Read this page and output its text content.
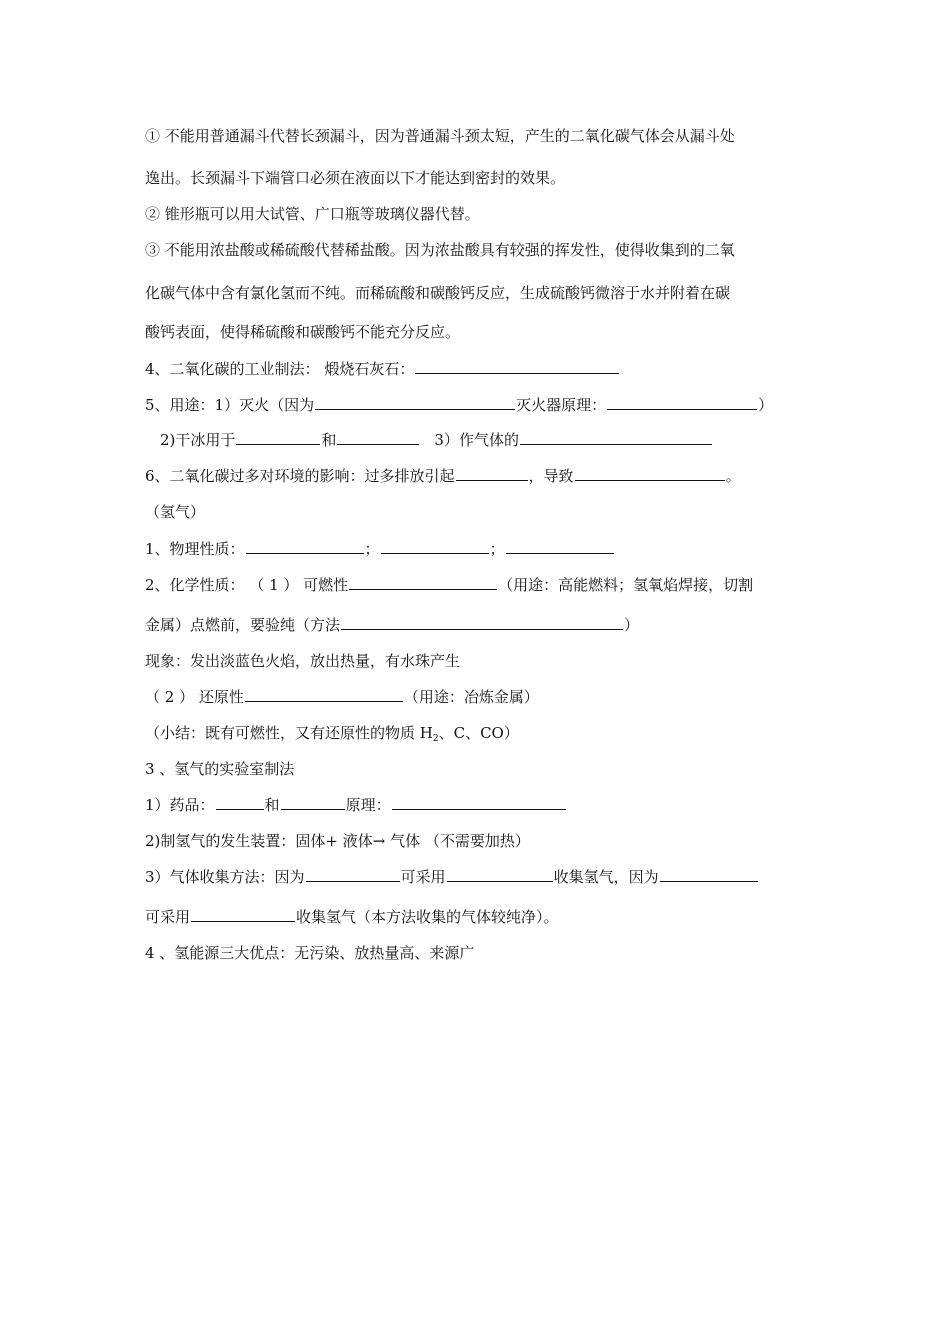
① 不能用普通漏斗代替长颈漏斗，因为普通漏斗颈太短，产生的二氧化碳气体会从漏斗处
逸出。长颈漏斗下端管口必须在液面以下才能达到密封的效果。
② 锥形瓶可以用大试管、广口瓶等玻璃仪器代替。
③ 不能用浓盐酸或稀硫酸代替稀盐酸。因为浓盐酸具有较强的挥发性，使得收集到的二氧
化碳气体中含有氯化氢而不纯。而稀硫酸和碳酸钙反应，生成硫酸钙微溶于水并附着在碳
酸钙表面，使得稀硫酸和碳酸钙不能充分反应。
4、二氧化碳的工业制法： 煅烧石灰石：
5、用途：1）灭火（因为	灭火器原理：	）
2)干冰用于	和	3）作气体的
6、二氧化碳过多对环境的影响：过多排放引起	，导致	。
（氢气）
1、物理性质：	；	；
2、化学性质： （ 1 ） 可燃性	（用途：高能燃料；氢氧焰焊接，切割
金属）点燃前，要验纯（方法	）
现象：发出淡蓝色火焰，放出热量，有水珠产生
（ 2 ） 还原性	（用途：冶炼金属）
（小结：既有可燃性，又有还原性的物质 $H_2$、C、CO）
3 、氢气的实验室制法
1）药品：	和	原理：
2)制氢气的发生装置：固体+ 液体→ 气体 （不需要加热）
3）气体收集方法：因为	可采用	收集氢气，因为
可采用	收集氢气（本方法收集的气体较纯净）。
4 、氢能源三大优点：无污染、放热量高、来源广
